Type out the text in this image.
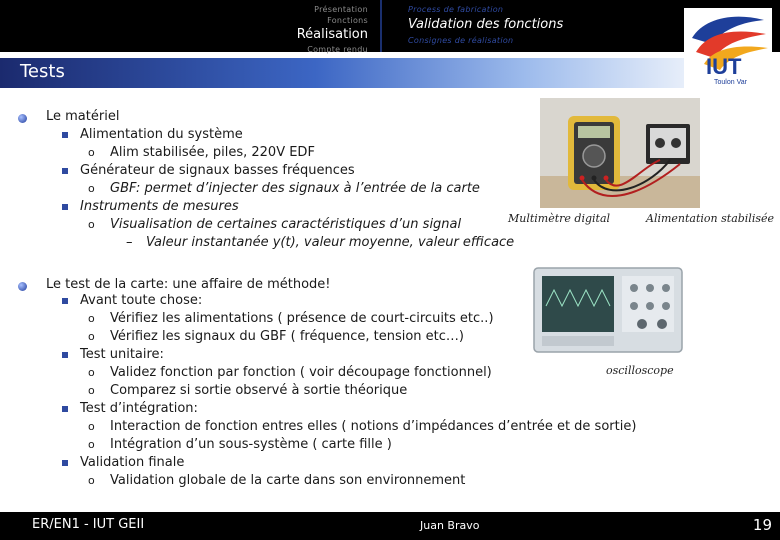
Présentation
Fonctions
Réalisation
Compte rendu
Process de fabrication
Validation des fonctions
Consignes de réalisation
Tests	IUT
Toulon Var
Le matériel
Alimentation du système
o Alim stabilisée, piles, 220V EDF
Générateur de signaux basses fréquences
o GBF: permet d’injecter des signaux à l’entrée de la carte
Instruments de mesures
o Visualisation de certaines caractéristiques d’un signal
– Valeur instantanée y(t), valeur moyenne, valeur efficace
Le test de la carte: une affaire de méthode!
Avant toute chose:
o Vérifiez les alimentations ( présence de court-circuits etc..)
o Vérifiez les signaux du GBF ( fréquence, tension etc…)
Test unitaire:
o Validez fonction par fonction ( voir découpage fonctionnel)
o Comparez si sortie observé à sortie théorique
Test d’intégration:
o Interaction de fonction entres elles ( notions d’impédances d’entrée et de sortie)
o Intégration d’un sous-système ( carte fille )
Validation finale
o Validation globale de la carte dans son environnement
Multimètre digital	Alimentation stabilisée
oscilloscope
ER/EN1 - IUT GEII	Juan Bravo	19
